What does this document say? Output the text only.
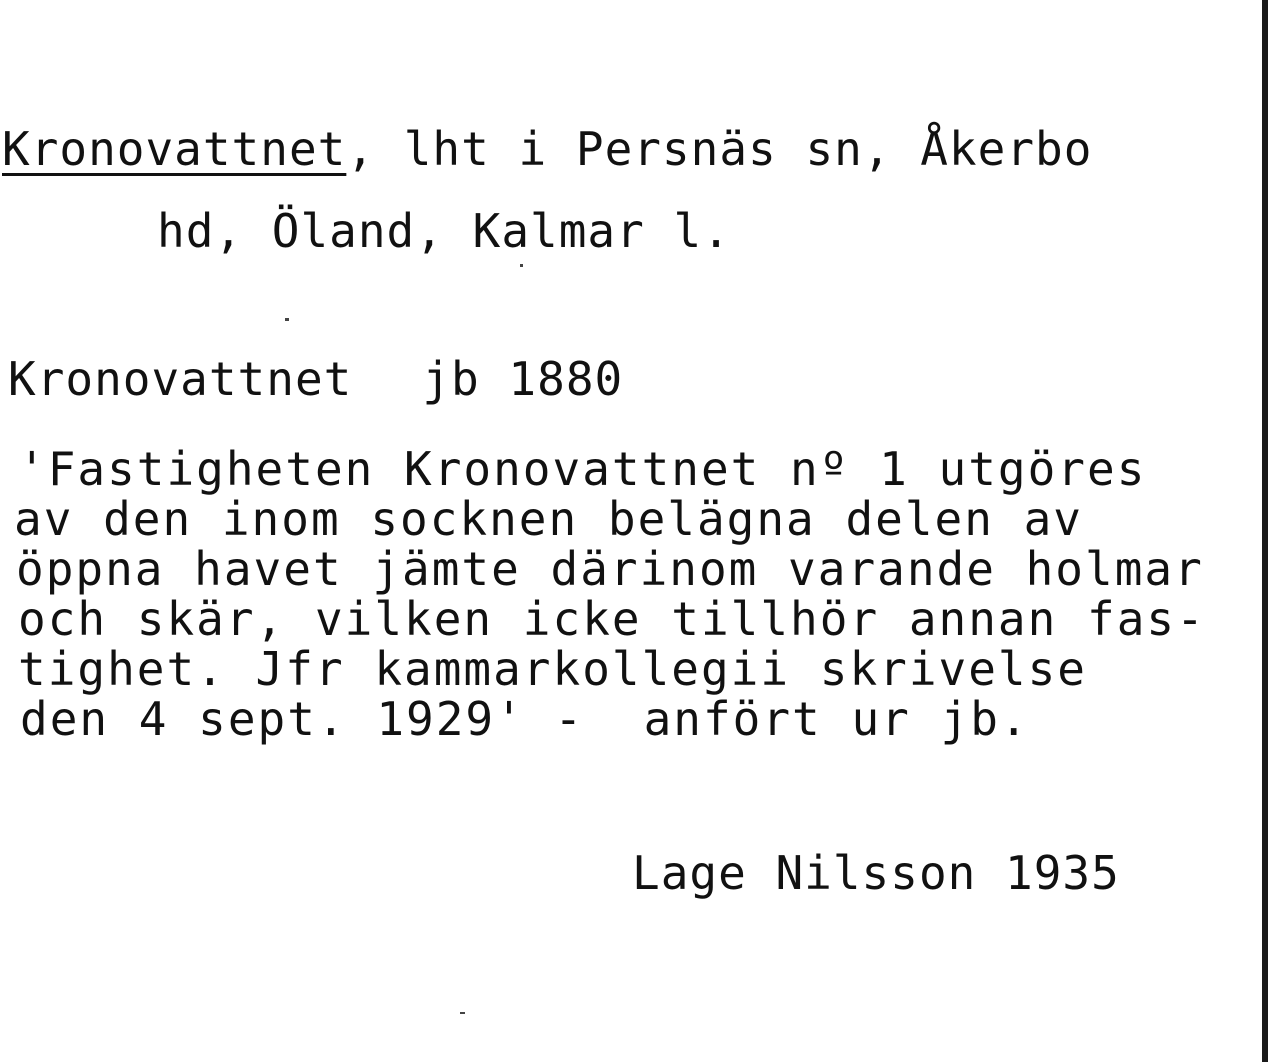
Kronovattnet, lht i Persnäs sn, Åkerbo
hd, Öland, Kalmar l.
Kronovattnet jb 1880
'Fastigheten Kronovattnet nº 1 utgöres
av den inom socknen belägna delen av
öppna havet jämte därinom varande holmar
och skär, vilken icke tillhör annan fas-
tighet. Jfr kammarkollegii skrivelse
den 4 sept. 1929' -  anfört ur jb.
Lage Nilsson 1935
